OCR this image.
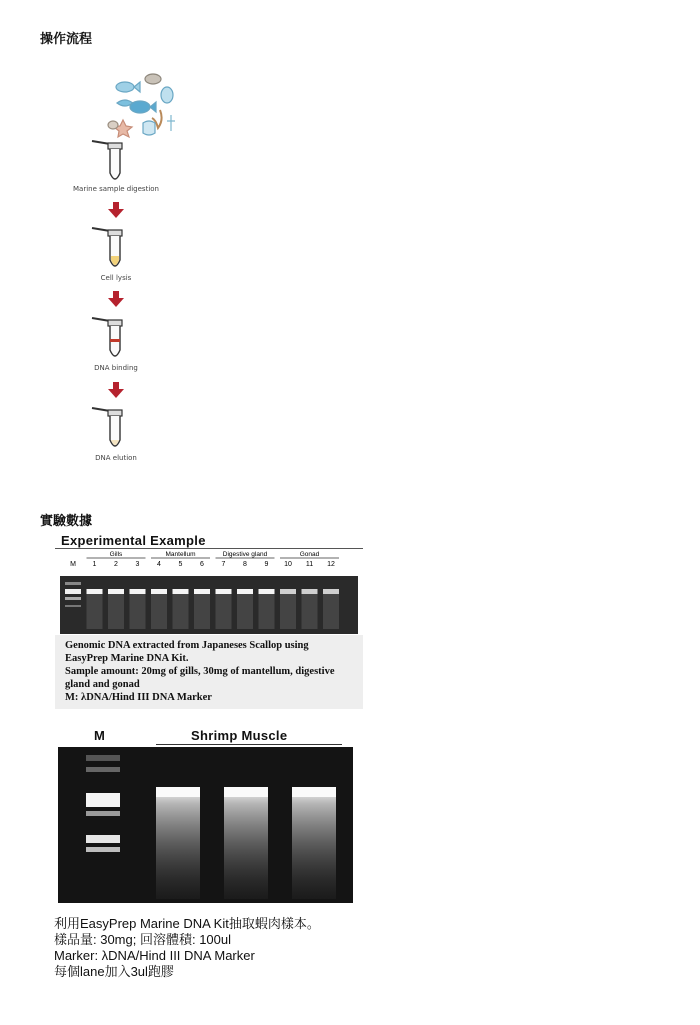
操作流程
Marine sample digestion
Cell lysis
DNA binding
DNA elution
實驗數據
Experimental Example
Gills	Mantellum	Digestive gland	Gonad
M 1	2	3	4	5	6	7	8	9 10 11 12
Genomic DNA extracted from Japaneses Scallop using
EasyPrep Marine DNA Kit.
Sample amount: 20mg of gills, 30mg of mantellum, digestive
gland and gonad
M: λDNA/Hind III DNA Marker
M	Shrimp Muscle
利用EasyPrep Marine DNA Kit抽取蝦肉樣本。
樣品量: 30mg; 回溶體積: 100ul
Marker: λDNA/Hind III DNA Marker
每個lane加入3ul跑膠
